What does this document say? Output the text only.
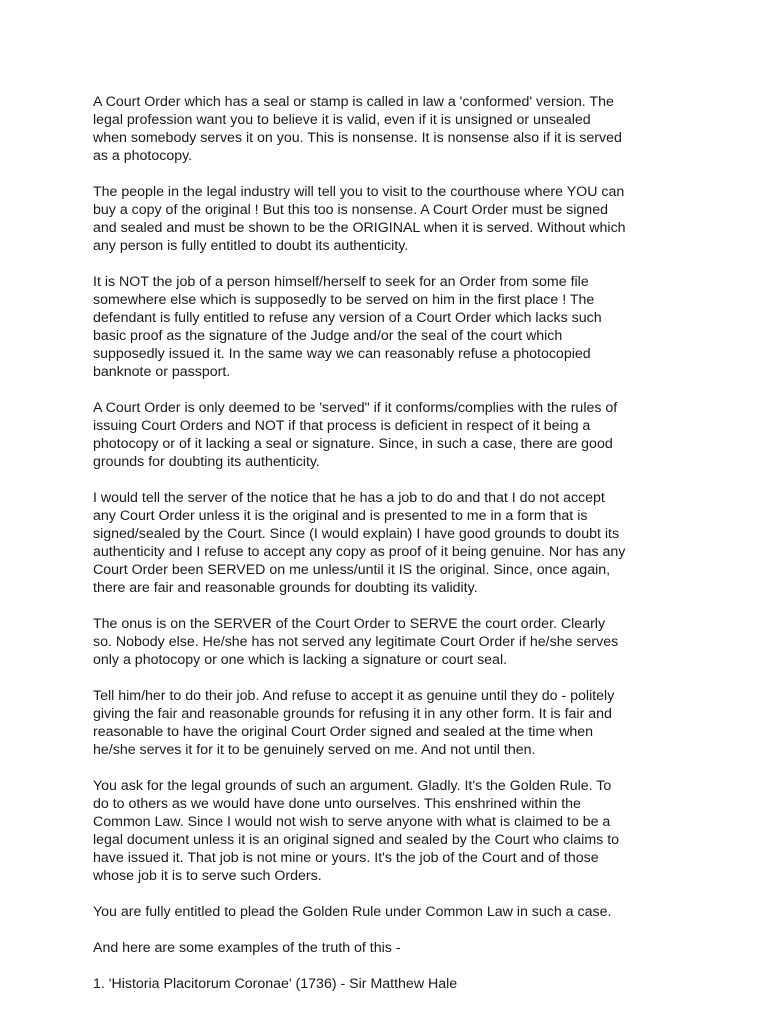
A Court Order which has a seal or stamp is called in law a 'conformed' version. The
legal profession want you to believe it is valid, even if it is unsigned or unsealed
when somebody serves it on you. This is nonsense. It is nonsense also if it is served
as a photocopy.

The people in the legal industry will tell you to visit to the courthouse where YOU can
buy a copy of the original ! But this too is nonsense. A Court Order must be signed
and sealed and must be shown to be the ORIGINAL when it is served. Without which
any person is fully entitled to doubt its authenticity.

It is NOT the job of a person himself/herself to seek for an Order from some file
somewhere else which is supposedly to be served on him in the first place ! The
defendant is fully entitled to refuse any version of a Court Order which lacks such
basic proof as the signature of the Judge and/or the seal of the court which
supposedly issued it. In the same way we can reasonably refuse a photocopied
banknote or passport.

A Court Order is only deemed to be 'served" if it conforms/complies with the rules of
issuing Court Orders and NOT if that process is deficient in respect of it being a
photocopy or of it lacking a seal or signature. Since, in such a case, there are good
grounds for doubting its authenticity.

I would tell the server of the notice that he has a job to do and that I do not accept
any Court Order unless it is the original and is presented to me in a form that is
signed/sealed by the Court. Since (I would explain) I have good grounds to doubt its
authenticity and I refuse to accept any copy as proof of it being genuine. Nor has any
Court Order been SERVED on me unless/until it IS the original. Since, once again,
there are fair and reasonable grounds for doubting its validity.

The onus is on the SERVER of the Court Order to SERVE the court order. Clearly
so. Nobody else. He/she has not served any legitimate Court Order if he/she serves
only a photocopy or one which is lacking a signature or court seal.

Tell him/her to do their job. And refuse to accept it as genuine until they do - politely
giving the fair and reasonable grounds for refusing it in any other form. It is fair and
reasonable to have the original Court Order signed and sealed at the time when
he/she serves it for it to be genuinely served on me. And not until then.

You ask for the legal grounds of such an argument. Gladly. It's the Golden Rule. To
do to others as we would have done unto ourselves. This enshrined within the
Common Law. Since I would not wish to serve anyone with what is claimed to be a
legal document unless it is an original signed and sealed by the Court who claims to
have issued it. That job is not mine or yours. It's the job of the Court and of those
whose job it is to serve such Orders.

You are fully entitled to plead the Golden Rule under Common Law in such a case.

And here are some examples of the truth of this -

1. 'Historia Placitorum Coronae' (1736) - Sir Matthew Hale
